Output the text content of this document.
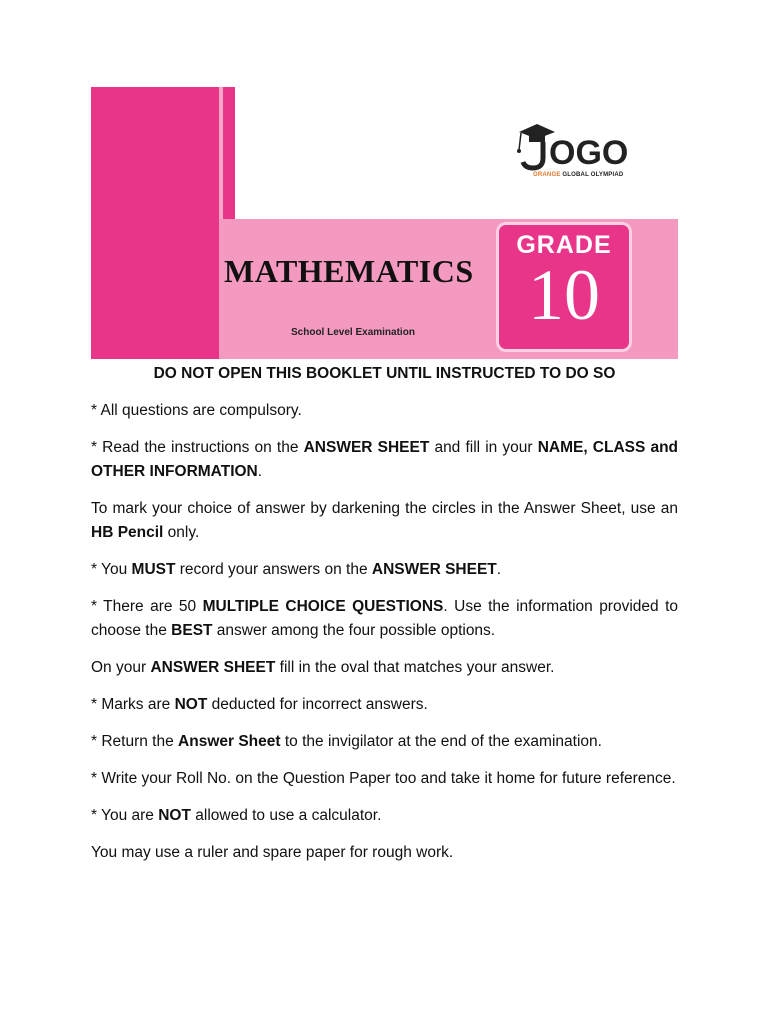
OGO
ORANGE GLOBAL OLYMPIAD
MATHEMATICS
School Level Examination
GRADE
10
DO NOT OPEN THIS BOOKLET UNTIL INSTRUCTED TO DO SO

* All questions are compulsory.

* Read the instructions on the ANSWER SHEET and fill in your NAME, CLASS and OTHER INFORMATION.

To mark your choice of answer by darkening the circles in the Answer Sheet, use an HB Pencil only.

* You MUST record your answers on the ANSWER SHEET.

* There are 50 MULTIPLE CHOICE QUESTIONS. Use the information provided to choose the BEST answer among the four possible options.

On your ANSWER SHEET fill in the oval that matches your answer.

* Marks are NOT deducted for incorrect answers.

* Return the Answer Sheet to the invigilator at the end of the examination.

* Write your Roll No. on the Question Paper too and take it home for future reference.

* You are NOT allowed to use a calculator.

You may use a ruler and spare paper for rough work.
